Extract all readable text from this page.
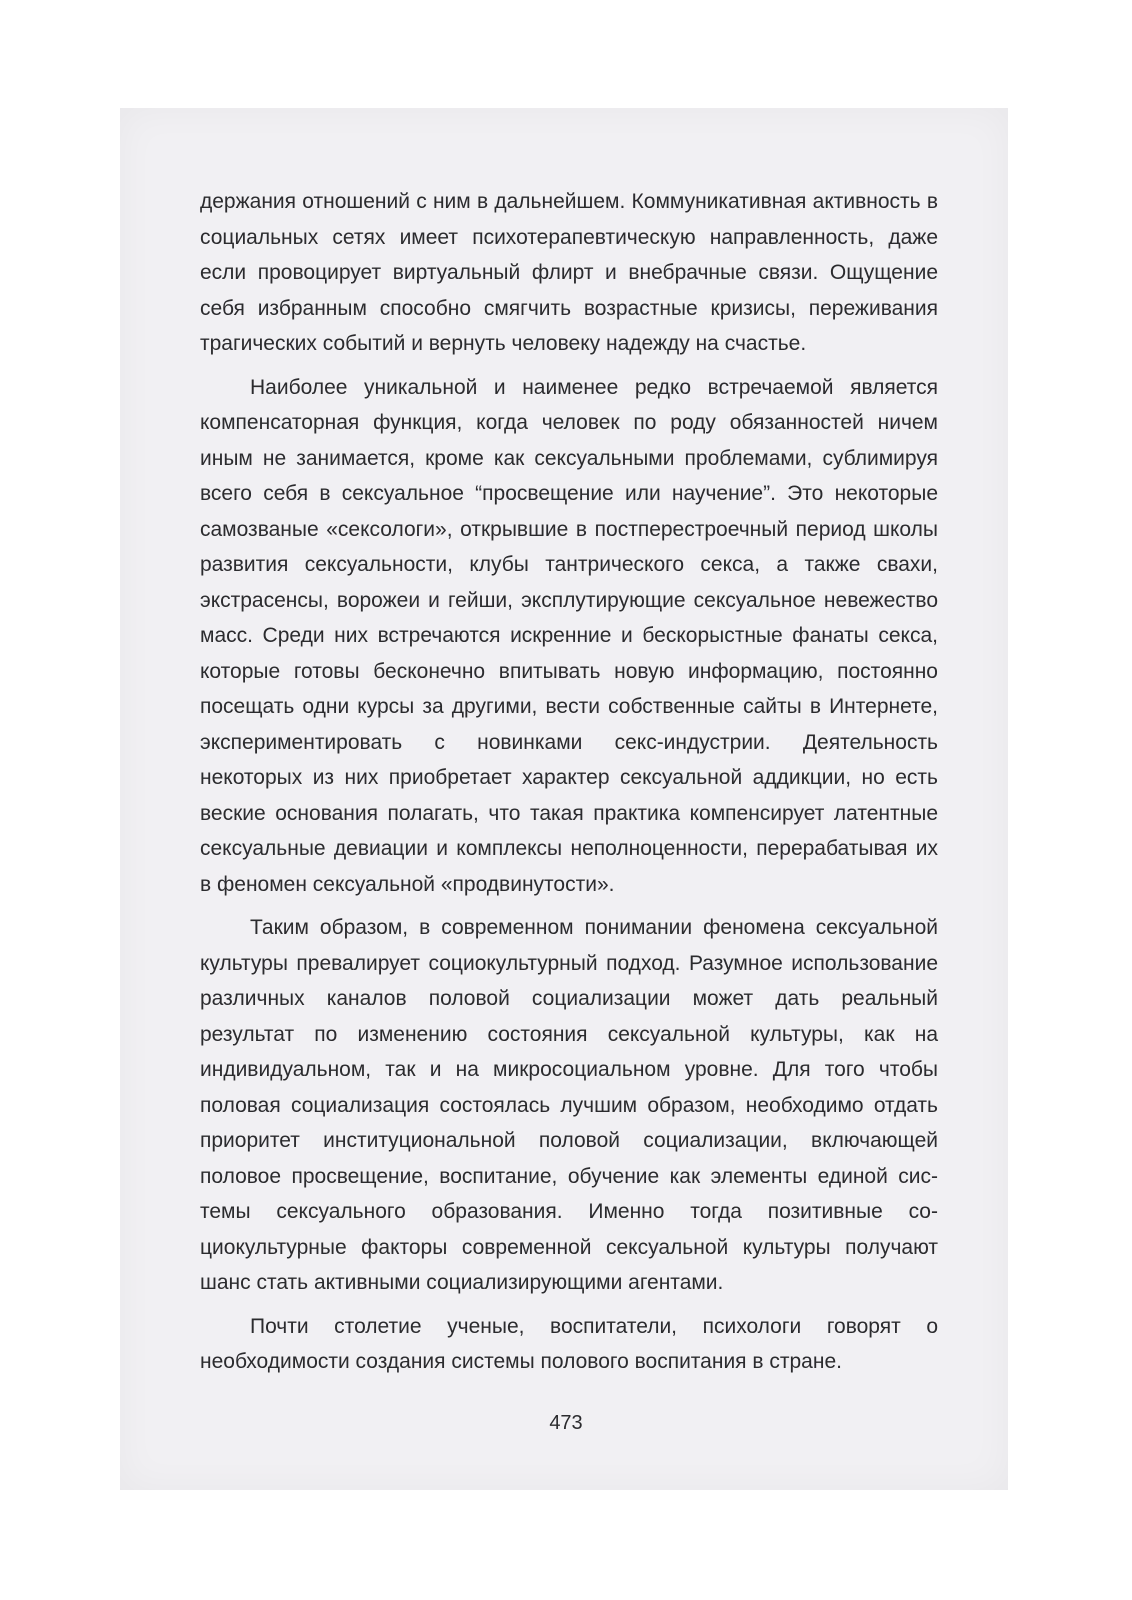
держания отношений с ним в дальнейшем. Коммуникативная активность в социальных сетях имеет психотерапевтическую направленность, даже если провоцирует виртуальный флирт и внебрачные связи. Ощущение себя избранным способно смягчить возрастные кризисы, переживания трагических событий и вернуть человеку надежду на счастье.

Наиболее уникальной и наименее редко встречаемой является компенсаторная функция, когда человек по роду обязанностей ничем иным не занимается, кроме как сексуальными проблемами, сублимируя всего себя в сексуальное “просвещение или научение”. Это некоторые самозваные «сексологи», открывшие в постперестроечный период школы развития сексуальности, клубы тантрического секса, а также свахи, экстрасенсы, ворожеи и гейши, эксплутирующие сексуальное невежество масс. Среди них встречаются искренние и бескорыстные фанаты секса, которые готовы бесконечно впитывать новую информацию, постоянно посещать одни курсы за другими, вести собственные сайты в Интернете, экспериментировать с новинками секс-индустрии. Деятельность некоторых из них приобретает характер сексуальной аддикции, но есть веские основания полагать, что такая практика компенсирует латентные сексуальные девиации и комплексы неполноценности, перерабатывая их в феномен сексуальной «продвинутости».

Таким образом, в современном понимании феномена сексуальной культуры превалирует социокультурный подход. Разумное использование различных каналов половой социализации может дать реальный результат по изменению состояния сексуальной культуры, как на индивидуальном, так и на микросоциальном уровне. Для того чтобы половая социализация состоялась лучшим образом, необходимо отдать приоритет институциональной половой социализации, включающей половое просвещение, воспитание, обучение как элементы единой системы сексуального образования. Именно тогда позитивные социокультурные факторы современной сексуальной культуры получают шанс стать активными социализирующими агентами.

Почти столетие ученые, воспитатели, психологи говорят о необходимости создания системы полового воспитания в стране.

473
